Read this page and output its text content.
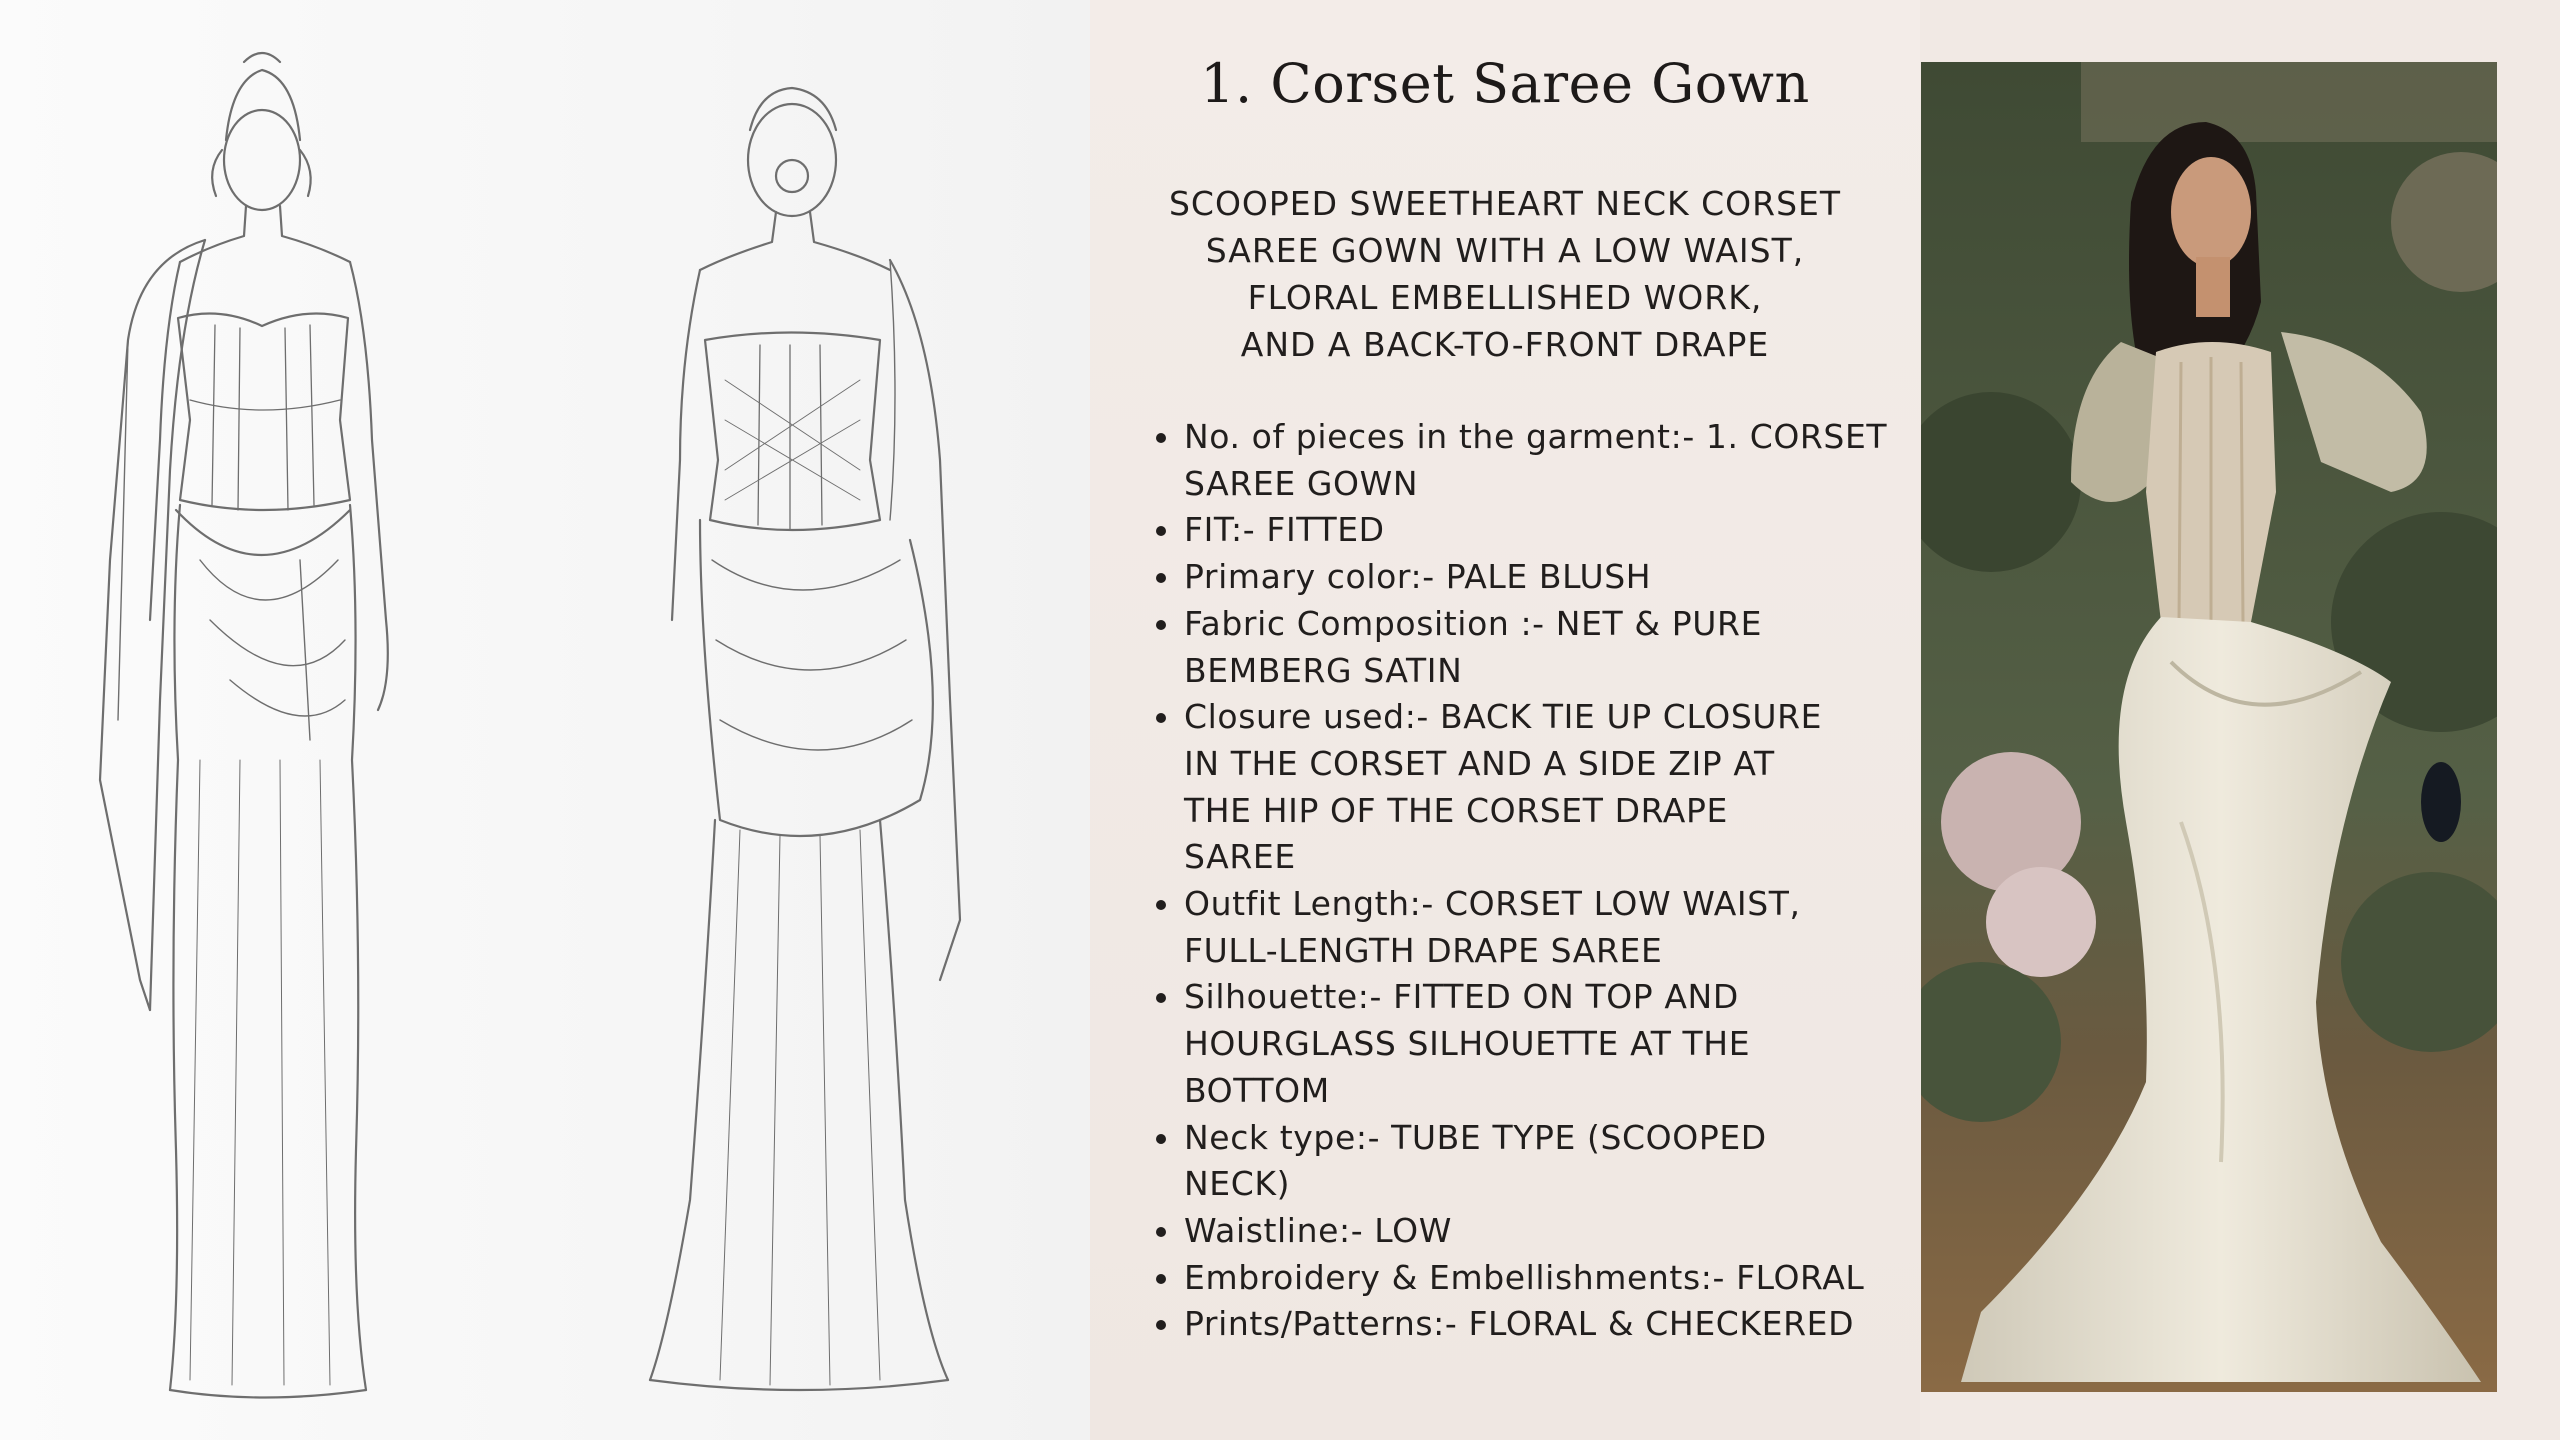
1. Corset Saree Gown
SCOOPED SWEETHEART NECK CORSET
SAREE GOWN WITH A LOW WAIST,
FLORAL EMBELLISHED WORK,
AND A BACK-TO-FRONT DRAPE
No. of pieces in the garment:- 1. CORSET
SAREE GOWN
FIT:- FITTED
Primary color:- PALE BLUSH
Fabric Composition :- NET & PURE
BEMBERG SATIN
Closure used:- BACK TIE UP CLOSURE
IN THE CORSET AND A SIDE ZIP AT
THE HIP OF THE CORSET DRAPE
SAREE
Outfit Length:- CORSET LOW WAIST,
FULL-LENGTH DRAPE SAREE
Silhouette:- FITTED ON TOP AND
HOURGLASS SILHOUETTE AT THE
BOTTOM
Neck type:- TUBE TYPE (SCOOPED
NECK)
Waistline:- LOW
Embroidery & Embellishments:- FLORAL
Prints/Patterns:- FLORAL & CHECKERED
